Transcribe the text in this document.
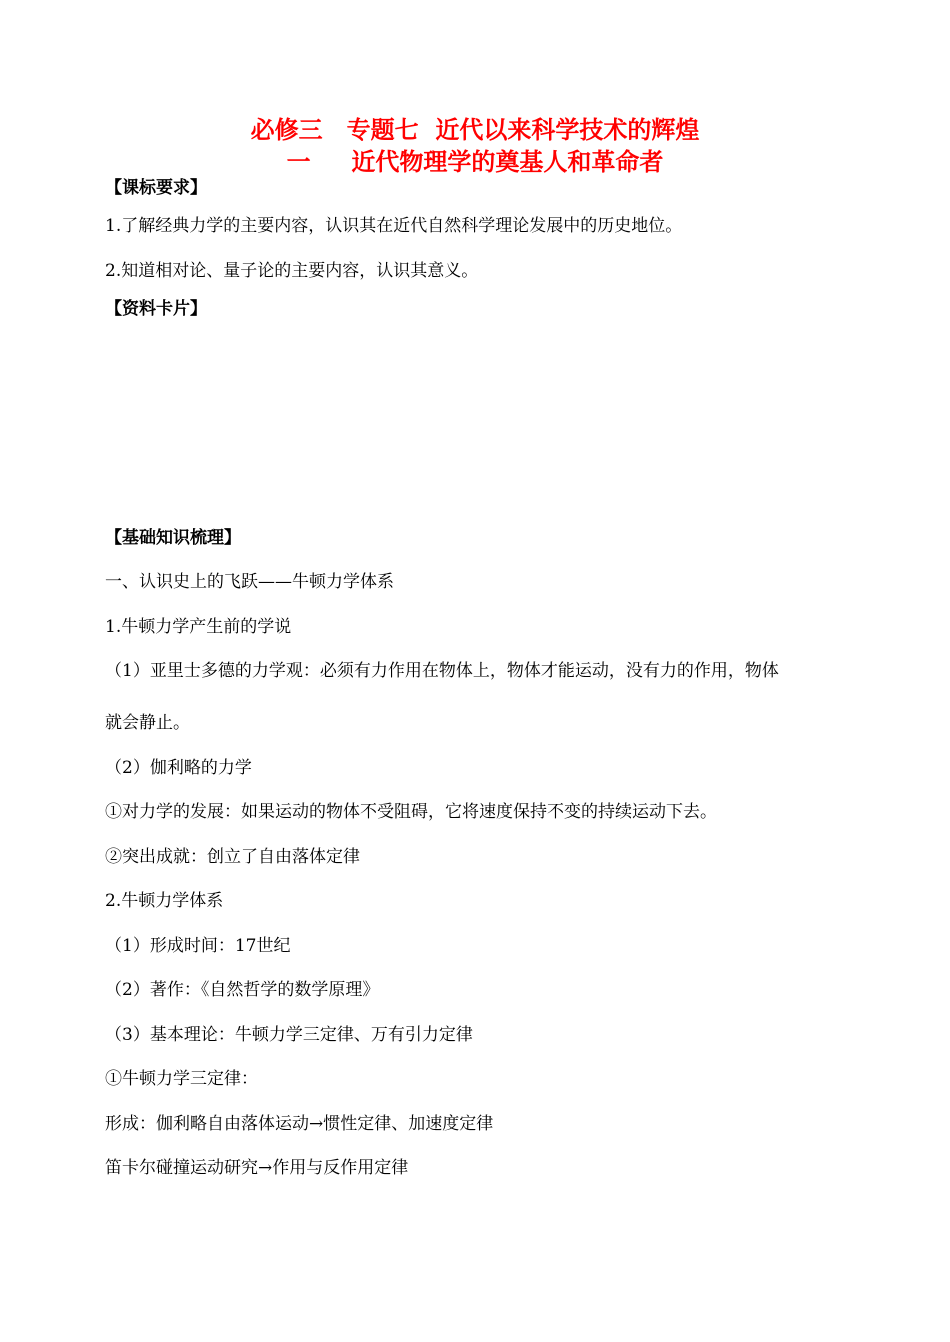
必修三　专题七  近代以来科学技术的辉煌
一　  近代物理学的奠基人和革命者
【课标要求】
1.了解经典力学的主要内容，认识其在近代自然科学理论发展中的历史地位。
2.知道相对论、量子论的主要内容，认识其意义。
【资料卡片】
【基础知识梳理】
一、认识史上的飞跃——牛顿力学体系
1.牛顿力学产生前的学说
（1）亚里士多德的力学观：必须有力作用在物体上，物体才能运动，没有力的作用，物体
就会静止。
（2）伽利略的力学
①对力学的发展：如果运动的物体不受阻碍，它将速度保持不变的持续运动下去。
②突出成就：创立了自由落体定律
2.牛顿力学体系
（1）形成时间：17世纪
（2）著作：《自然哲学的数学原理》
（3）基本理论：牛顿力学三定律、万有引力定律
①牛顿力学三定律：
形成：伽利略自由落体运动→惯性定律、加速度定律
笛卡尔碰撞运动研究→作用与反作用定律
